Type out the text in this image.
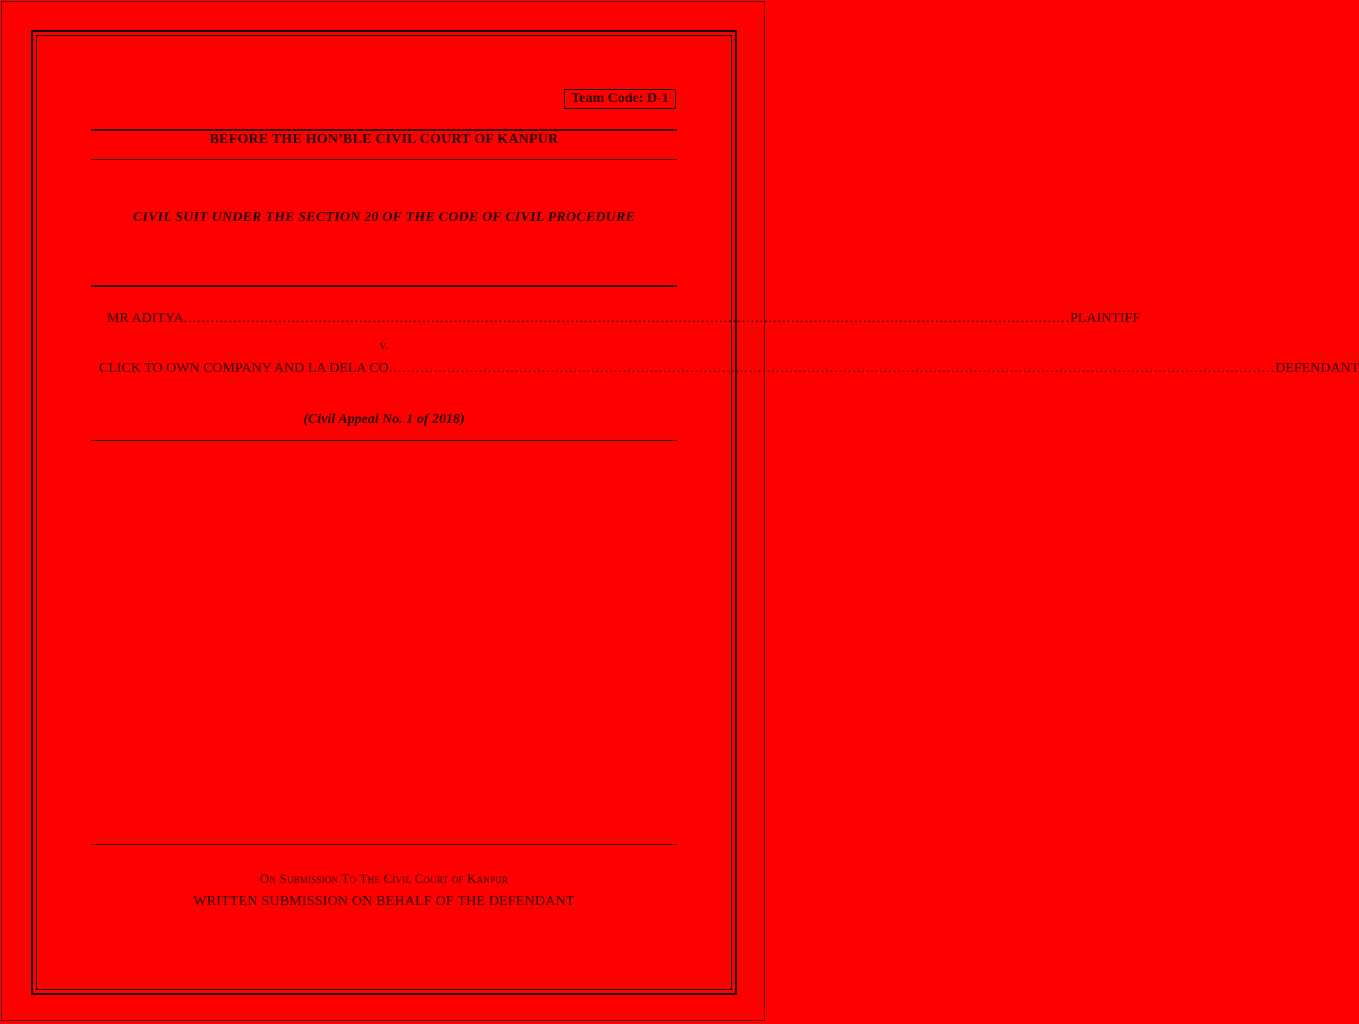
Team Code: D-1
BEFORE THE HON’BLE CIVIL COURT OF KANPUR
CIVIL SUIT UNDER THE SECTION 20 OF THE CODE OF CIVIL PROCEDURE
MR ADITYA ..................................................................................................................................................................................................... PLAINTIFF
v.
CLICK TO OWN COMPANY AND LA DELA CO ..................................................................................................................................................................................................... DEFENDANT
(Civil Appeal No. 1 of 2018)
On Submission To The Civil Court of Kanpur
WRITTEN SUBMISSION ON BEHALF OF THE DEFENDANT
